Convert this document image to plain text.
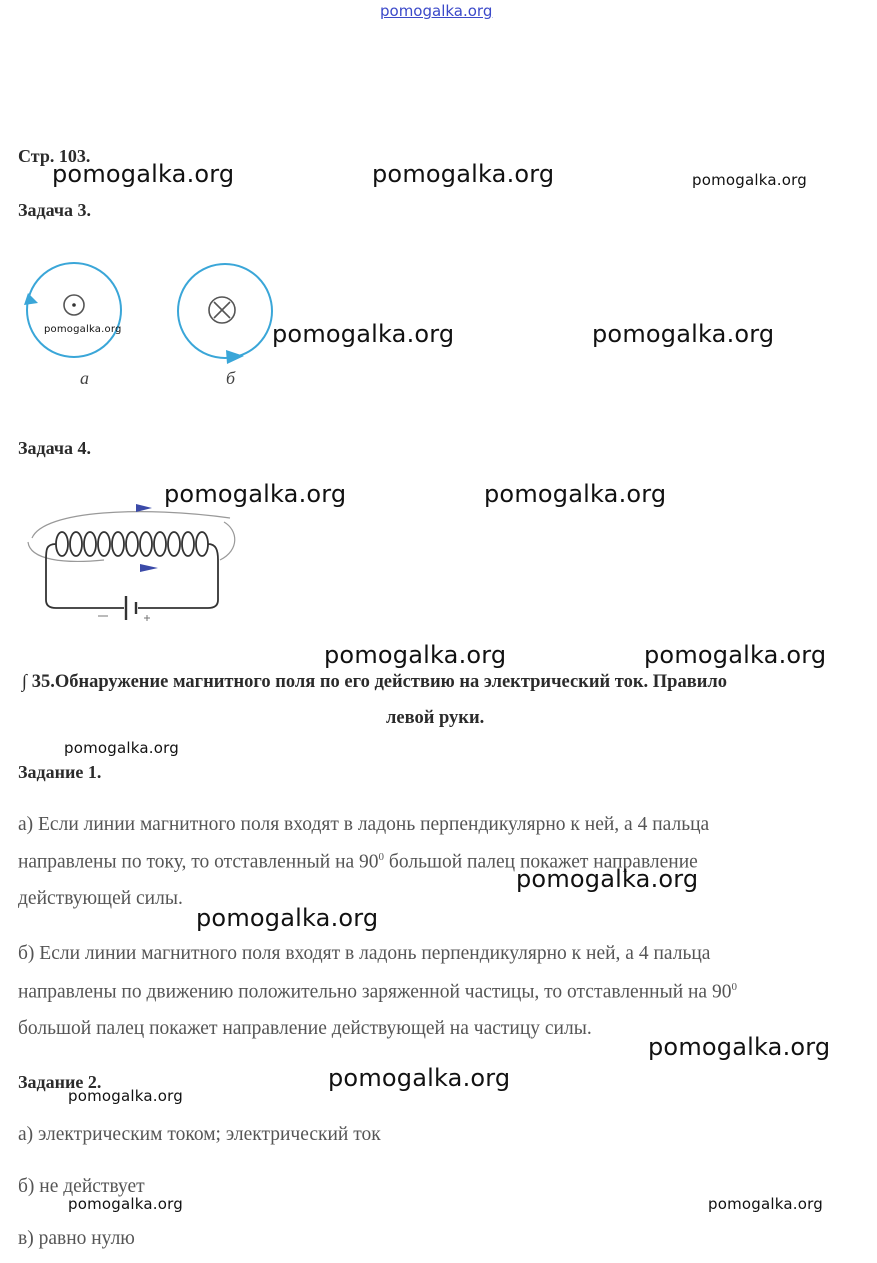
pomogalka.org
Стр. 103.
Задача 3.
а	б
Задача 4.
∫ 35.Обнаружение магнитного поля по его действию на электрический ток. Правило
левой руки.
Задание 1.
а) Если линии магнитного поля входят в ладонь перпендикулярно к ней, а 4 пальца
направлены по току, то отставленный на $90^0$ большой палец покажет направление
действующей силы.
б) Если линии магнитного поля входят в ладонь перпендикулярно к ней, а 4 пальца
направлены по движению положительно заряженной частицы, то отставленный на $90^0$
большой палец покажет направление действующей на частицу силы.
Задание 2.
а) электрическим током; электрический ток
б) не действует
в) равно нулю
pomogalka.org	pomogalka.org	pomogalka.org
pomogalka.org	pomogalka.org	pomogalka.org
pomogalka.org	pomogalka.org
pomogalka.org	pomogalka.org
pomogalka.org
pomogalka.org
pomogalka.org
pomogalka.org
pomogalka.org
pomogalka.org
pomogalka.org	pomogalka.org
